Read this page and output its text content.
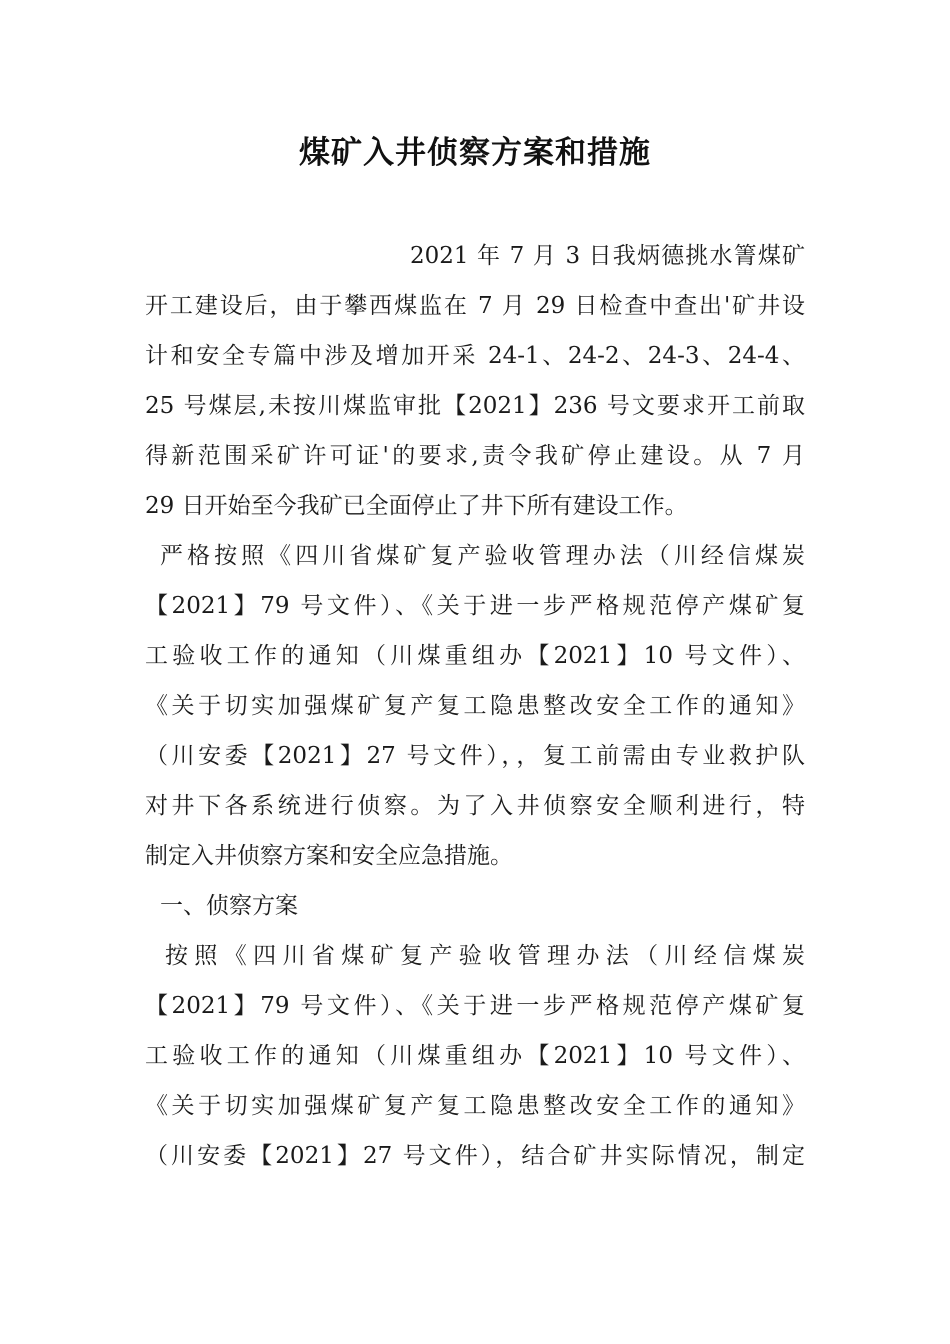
煤矿入井侦察方案和措施
2021 年 7 月 3 日我炳德挑水箐煤矿
开工建设后，由于攀西煤监在 7 月 29 日检查中查出'矿井设
计和安全专篇中涉及增加开采 24-1、24-2、24-3、24-4、
25 号煤层,未按川煤监审批【2021】236 号文要求开工前取
得新范围采矿许可证'的要求,责令我矿停止建设。从 7 月
29 日开始至今我矿已全面停止了井下所有建设工作。
严格按照《四川省煤矿复产验收管理办法（川经信煤炭
【2021】79 号文件）、《关于进一步严格规范停产煤矿复
工验收工作的通知（川煤重组办【2021】10 号文件）、
《关于切实加强煤矿复产复工隐患整改安全工作的通知》
（川安委【2021】27 号文件），，复工前需由专业救护队
对井下各系统进行侦察。为了入井侦察安全顺利进行，特
制定入井侦察方案和安全应急措施。
一、侦察方案
按照《四川省煤矿复产验收管理办法（川经信煤炭
【2021】79 号文件）、《关于进一步严格规范停产煤矿复
工验收工作的通知（川煤重组办【2021】10 号文件）、
《关于切实加强煤矿复产复工隐患整改安全工作的通知》
（川安委【2021】27 号文件），结合矿井实际情况，制定
